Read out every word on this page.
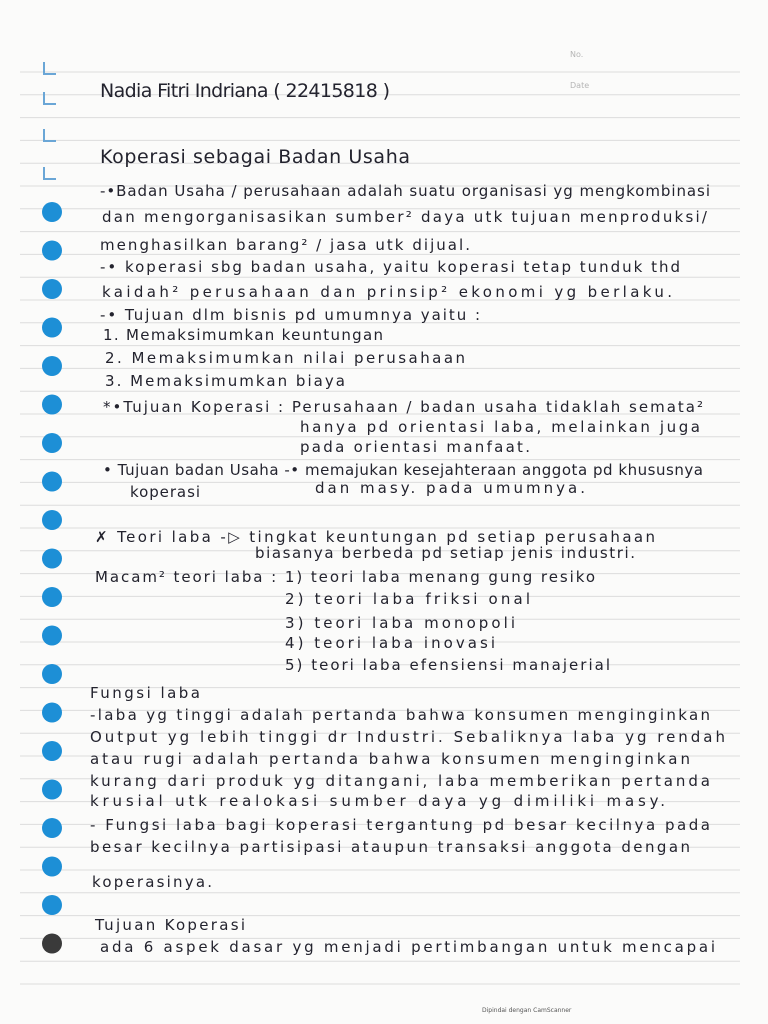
No.
Date
Nadia Fitri Indriana ( 22415818 )
Koperasi sebagai Badan Usaha
-•Badan Usaha / perusahaan adalah suatu organisasi yg mengkombinasi
dan mengorganisasikan sumber² daya utk tujuan menproduksi/
menghasilkan barang² / jasa utk dijual.
-• koperasi sbg badan usaha, yaitu koperasi tetap tunduk thd
kaidah² perusahaan dan prinsip² ekonomi yg berlaku.
-• Tujuan dlm bisnis pd umumnya yaitu :
1. Memaksimumkan keuntungan
2. Memaksimumkan nilai perusahaan
3. Memaksimumkan biaya
*•Tujuan Koperasi : Perusahaan / badan usaha tidaklah semata²
hanya pd orientasi laba, melainkan juga
pada orientasi manfaat.
• Tujuan badan Usaha -• memajukan kesejahteraan anggota pd khususnya
koperasi	dan masy. pada umumnya.
✗ Teori laba -▷ tingkat keuntungan pd setiap perusahaan
biasanya berbeda pd setiap jenis industri.
Macam² teori laba : 1) teori laba menang gung resiko
2) teori laba friksi onal
3) teori laba monopoli
4) teori laba inovasi
5) teori laba efensiensi manajerial
Fungsi laba
-laba yg tinggi adalah pertanda bahwa konsumen menginginkan
Output yg lebih tinggi dr Industri. Sebaliknya laba yg rendah
atau rugi adalah pertanda bahwa konsumen menginginkan
kurang dari produk yg ditangani, laba memberikan pertanda
krusial utk realokasi sumber daya yg dimiliki masy.
- Fungsi laba bagi koperasi tergantung pd besar kecilnya pada
besar kecilnya partisipasi ataupun transaksi anggota dengan
koperasinya.
Tujuan Koperasi
ada 6 aspek dasar yg menjadi pertimbangan untuk mencapai
Dipindai dengan CamScanner
